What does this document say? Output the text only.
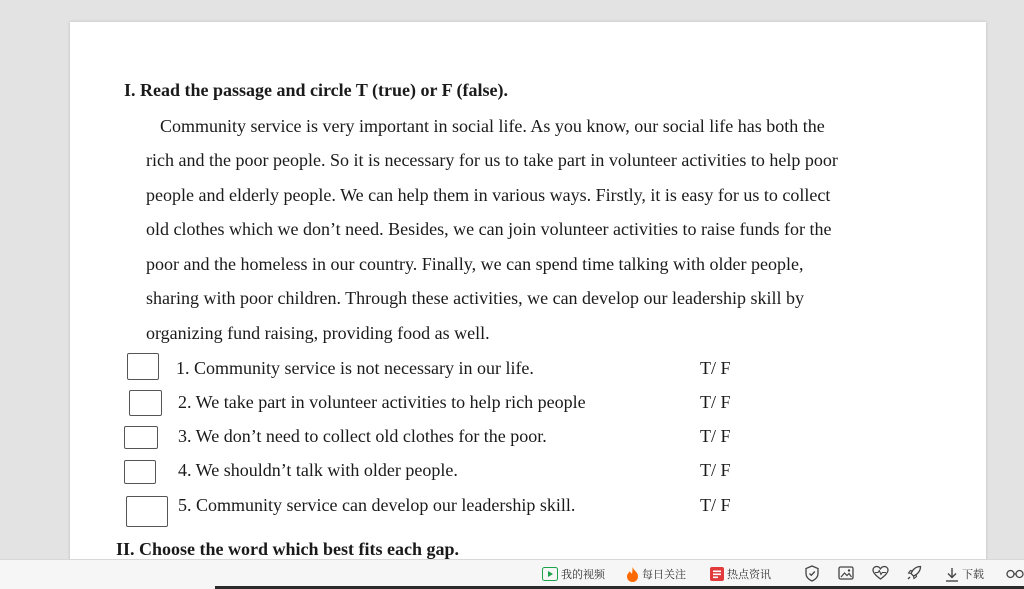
I. Read the passage and circle T (true) or F (false).
Community service is very important in social life. As you know, our social life has both the
rich and the poor people. So it is necessary for us to take part in volunteer activities to help poor
people and elderly people. We can help them in various ways. Firstly, it is easy for us to collect
old clothes which we don’t need. Besides, we can join volunteer activities to raise funds for the
poor and the homeless in our country. Finally, we can spend time talking with older people,
sharing with poor children. Through these activities, we can develop our leadership skill by
organizing fund raising, providing food as well.
1. Community service is not necessary in our life.	T/ F
2. We take part in volunteer activities to help rich people	T/ F
3. We don’t need to collect old clothes for the poor.	T/ F
4. We shouldn’t talk with older people.	T/ F
5. Community service can develop our leadership skill.	T/ F
II. Choose the word which best fits each gap.
我的视频	每日关注	热点资讯	下载
